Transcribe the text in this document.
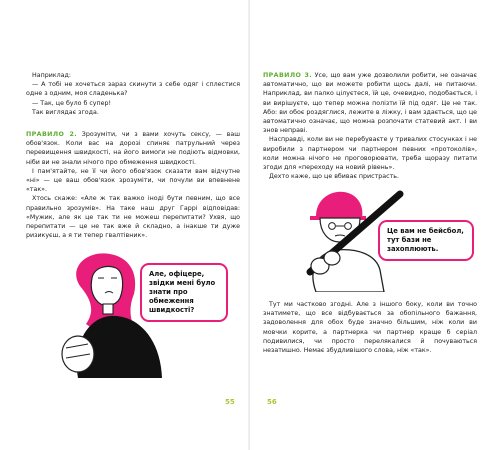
Наприклад:

— А тобі не хочеться зараз скинути з себе одяг і сплестися одне з одним, моя сладенька?

— Так, це було б супер!

Так виглядає згода.

ПРАВИЛО 2. Зрозуміти, чи з вами хочуть сексу, — ваш обов'язок. Коли вас на дорозі спиняє патрульний через перевищення швидкості, на його вимоги не подіють відмовки, ніби ви не знали нічого про обмеження швидкості.

І пам'ятайте, не її чи його обов'язок сказати вам відчутне «ні» — це ваш обов'язок зрозуміти, чи почули ви впевнене «так».

Хтось скаже: «Але ж так важко іноді бути певним, що все правильно зрозумів». На таке наш друг Гаррі відповідав: «Мужик, але як це так ти не можеш перепитати? Ухвя, що перепитати — це не так вже й складно, а інакше ти дуже ризикуєш, а я ти тепер гвалтівник».

Але, офіцере, звідки мені було знати про обмеження швидкості?
55

ПРАВИЛО 3. Усе, що вам уже дозволили робити, не означає автоматично, що ви можете робити щось далі, не питаючи. Наприклад, ви палко цілуєтеся, їй це, очевидно, подобається, і ви вирішуєте, що тепер можна полізти їй під одяг. Це не так. Або: ви обоє роздяглися, лежите в ліжку, і вам здається, що це автоматично означає, що можна розпочати статевий акт. І ви знов неправі.

Насправді, коли ви не перебуваєте у тривалих стосунках і не виробили з партнером чи партнером певних «протоколів», коли можна нічого не проговорювати, треба щоразу питати згоди для «переходу на новий рівень».

Дехто каже, що це вбиває пристрасть.

Це вам не бейсбол, тут бази не захоплюють.

Тут ми частково згодні. Але з іншого боку, коли ви точно знатимете, що все відбувається за обопільного бажання, задоволення для обох буде значно більшим, ніж коли ви мовчки корите, а партнерка чи партнер краще б серіал подивилися, чи просто перелякалися й почуваються незатишно. Немає збудливішого слова, ніж «так».

56
